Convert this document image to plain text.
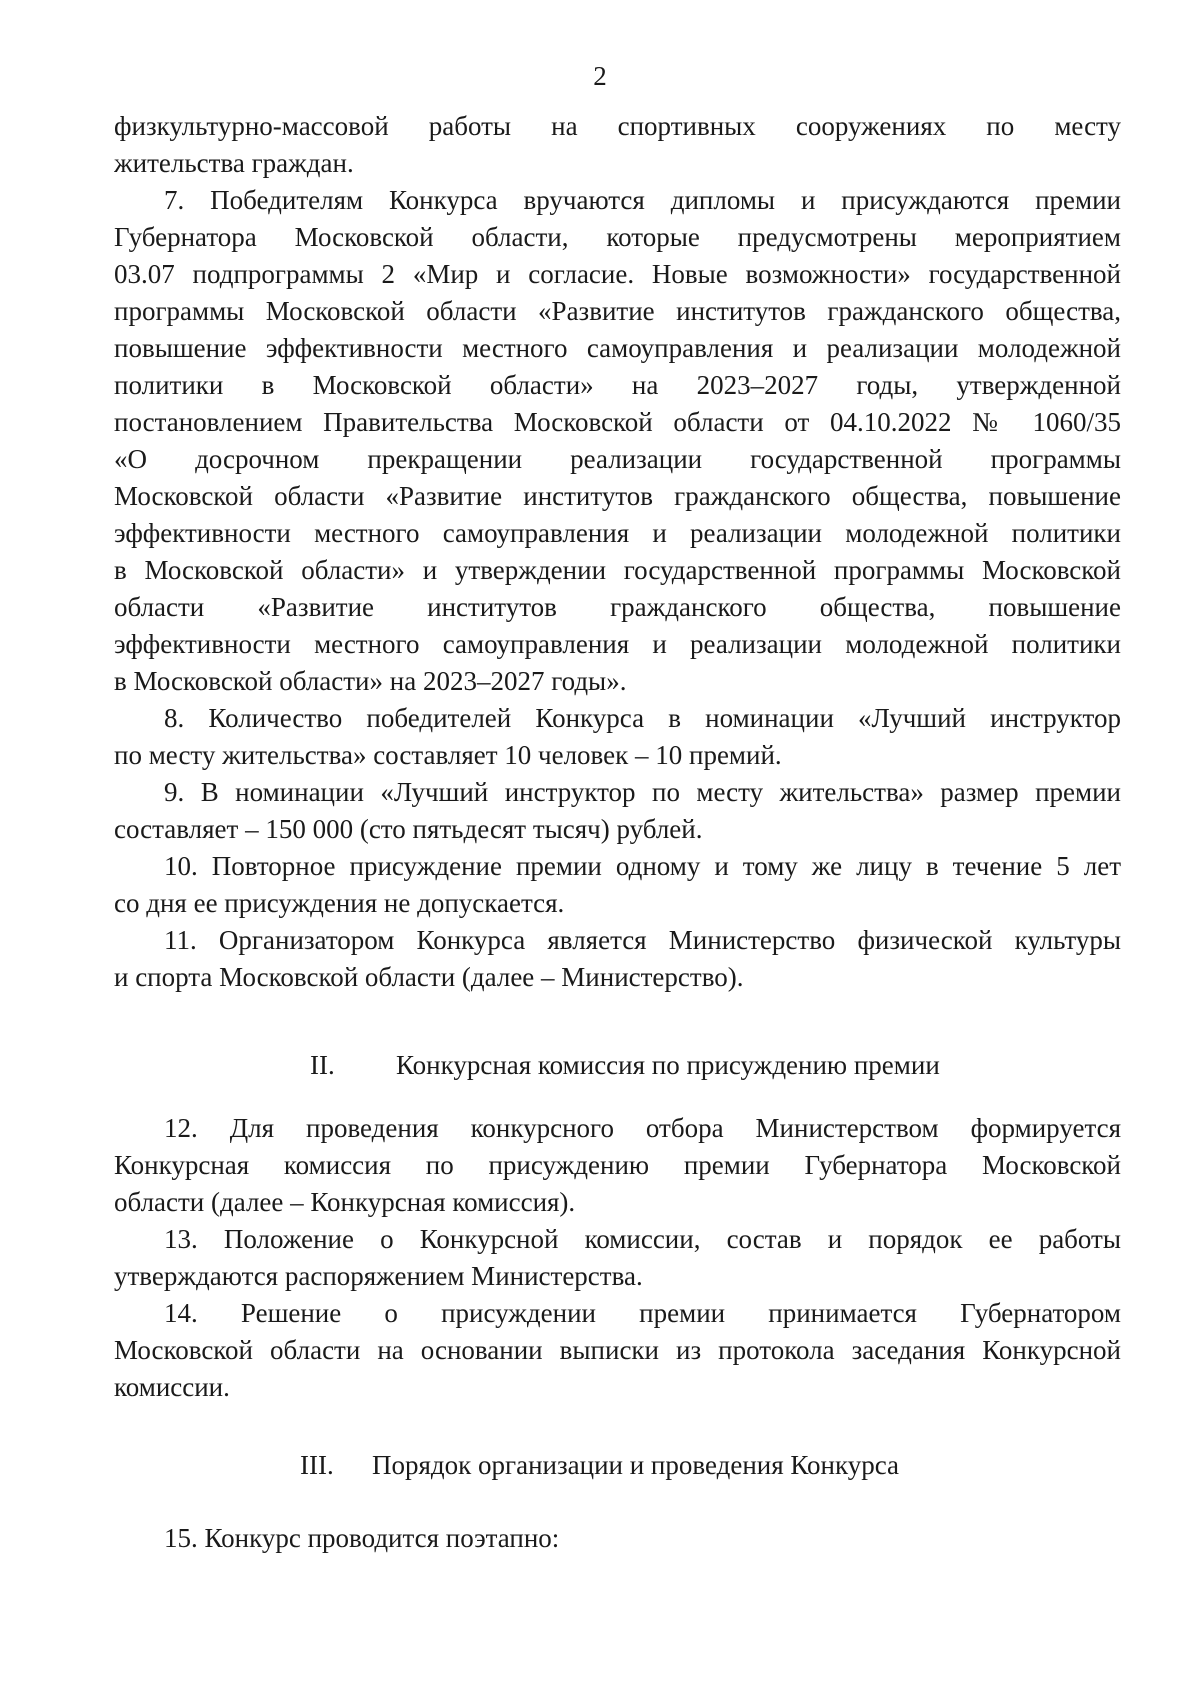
2
физкультурно-массовой работы на спортивных сооружениях по месту
жительства граждан.
7. Победителям Конкурса вручаются дипломы и присуждаются премии
Губернатора Московской области, которые предусмотрены мероприятием
03.07 подпрограммы 2 «Мир и согласие. Новые возможности» государственной
программы Московской области «Развитие институтов гражданского общества,
повышение эффективности местного самоуправления и реализации молодежной
политики в Московской области» на 2023–2027 годы, утвержденной
постановлением Правительства Московской области от 04.10.2022 № 1060/35
«О досрочном прекращении реализации государственной программы
Московской области «Развитие институтов гражданского общества, повышение
эффективности местного самоуправления и реализации молодежной политики
в Московской области» и утверждении государственной программы Московской
области «Развитие институтов гражданского общества, повышение
эффективности местного самоуправления и реализации молодежной политики
в Московской области» на 2023–2027 годы».
8. Количество победителей Конкурса в номинации «Лучший инструктор
по месту жительства» составляет 10 человек – 10 премий.
9. В номинации «Лучший инструктор по месту жительства» размер премии
составляет – 150 000 (сто пятьдесят тысяч) рублей.
10. Повторное присуждение премии одному и тому же лицу в течение 5 лет
со дня ее присуждения не допускается.
11. Организатором Конкурса является Министерство физической культуры
и спорта Московской области (далее – Министерство).
II. Конкурсная комиссия по присуждению премии
12. Для проведения конкурсного отбора Министерством формируется
Конкурсная комиссия по присуждению премии Губернатора Московской
области (далее – Конкурсная комиссия).
13. Положение о Конкурсной комиссии, состав и порядок ее работы
утверждаются распоряжением Министерства.
14. Решение о присуждении премии принимается Губернатором
Московской области на основании выписки из протокола заседания Конкурсной
комиссии.
III. Порядок организации и проведения Конкурса
15. Конкурс проводится поэтапно:
